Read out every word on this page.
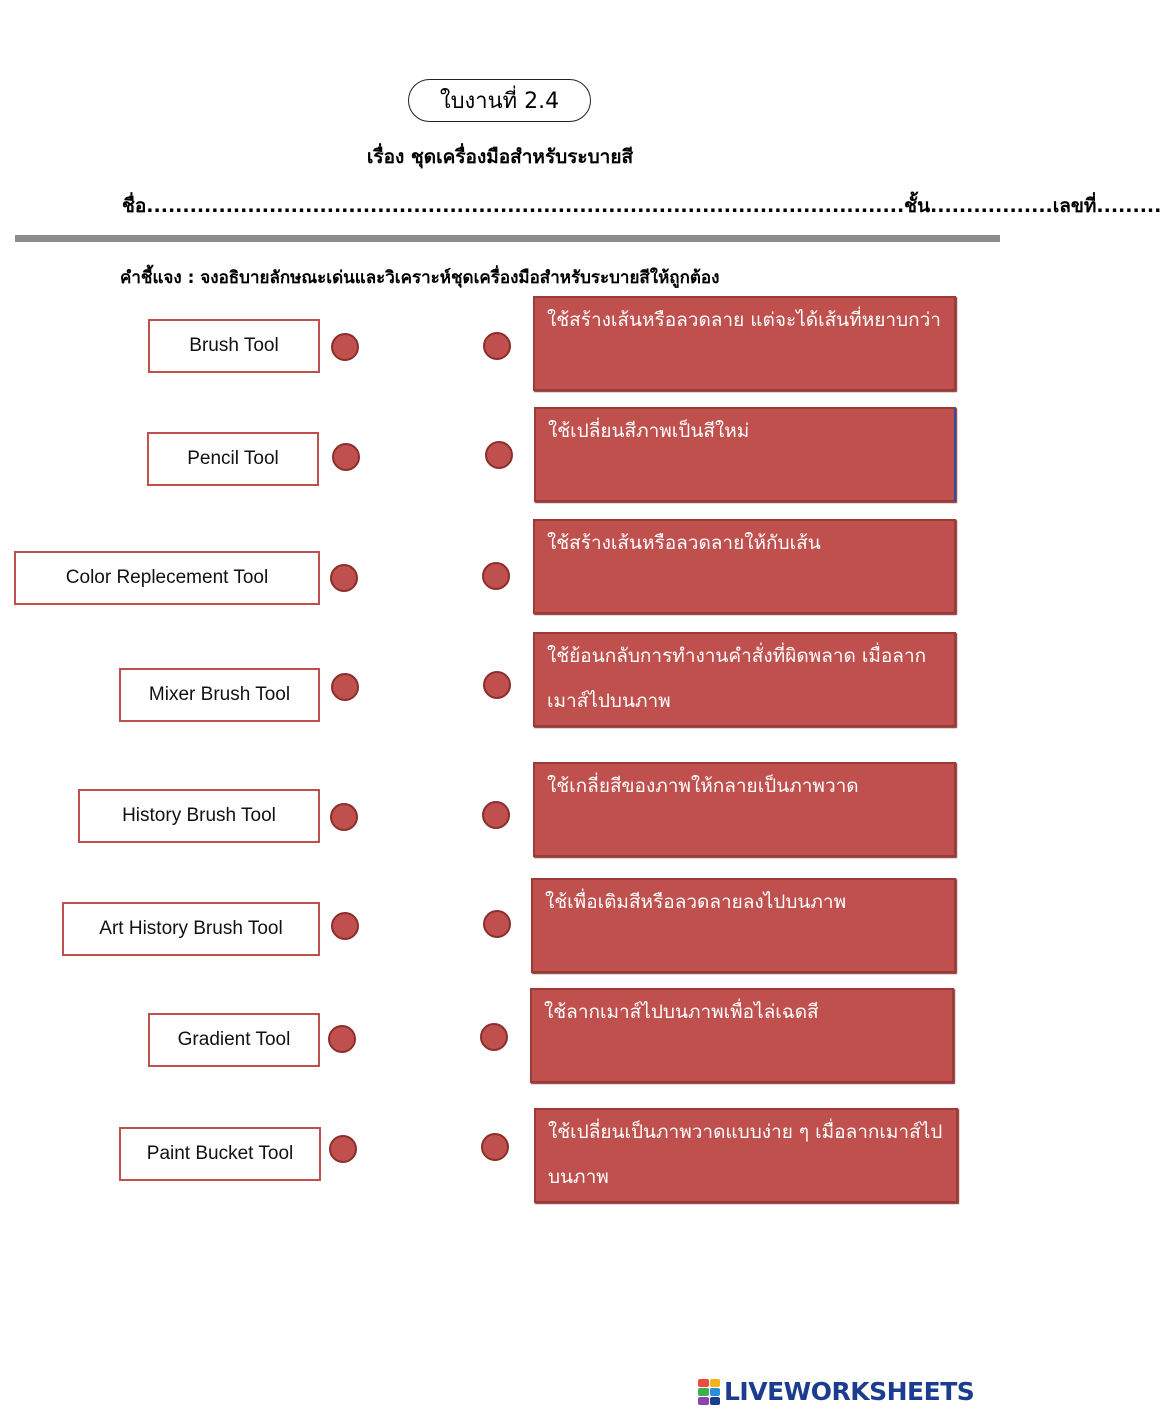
ใบงานที่ 2.4
เรื่อง ชุดเครื่องมือสำหรับระบายสี
ชื่อ.........................................................................................................ชั้น.................เลขที่.........
คำชี้แจง : จงอธิบายลักษณะเด่นและวิเคราะห์ชุดเครื่องมือสำหรับระบายสีให้ถูกต้อง
Brush Tool
Pencil Tool
Color Replecement Tool
Mixer Brush Tool
History Brush Tool
Art History Brush Tool
Gradient Tool
Paint Bucket Tool
ใช้สร้างเส้นหรือลวดลาย แต่จะได้เส้นที่หยาบกว่า
ใช้เปลี่ยนสีภาพเป็นสีใหม่
ใช้สร้างเส้นหรือลวดลายให้กับเส้น
ใช้ย้อนกลับการทำงานคำสั่งที่ผิดพลาด เมื่อลากเมาส์ไปบนภาพ
ใช้เกลี่ยสีของภาพให้กลายเป็นภาพวาด
ใช้เพื่อเติมสีหรือลวดลายลงไปบนภาพ
ใช้ลากเมาส์ไปบนภาพเพื่อไล่เฉดสี
ใช้เปลี่ยนเป็นภาพวาดแบบง่าย ๆ เมื่อลากเมาส์ไปบนภาพ
LIVEWORKSHEETS
